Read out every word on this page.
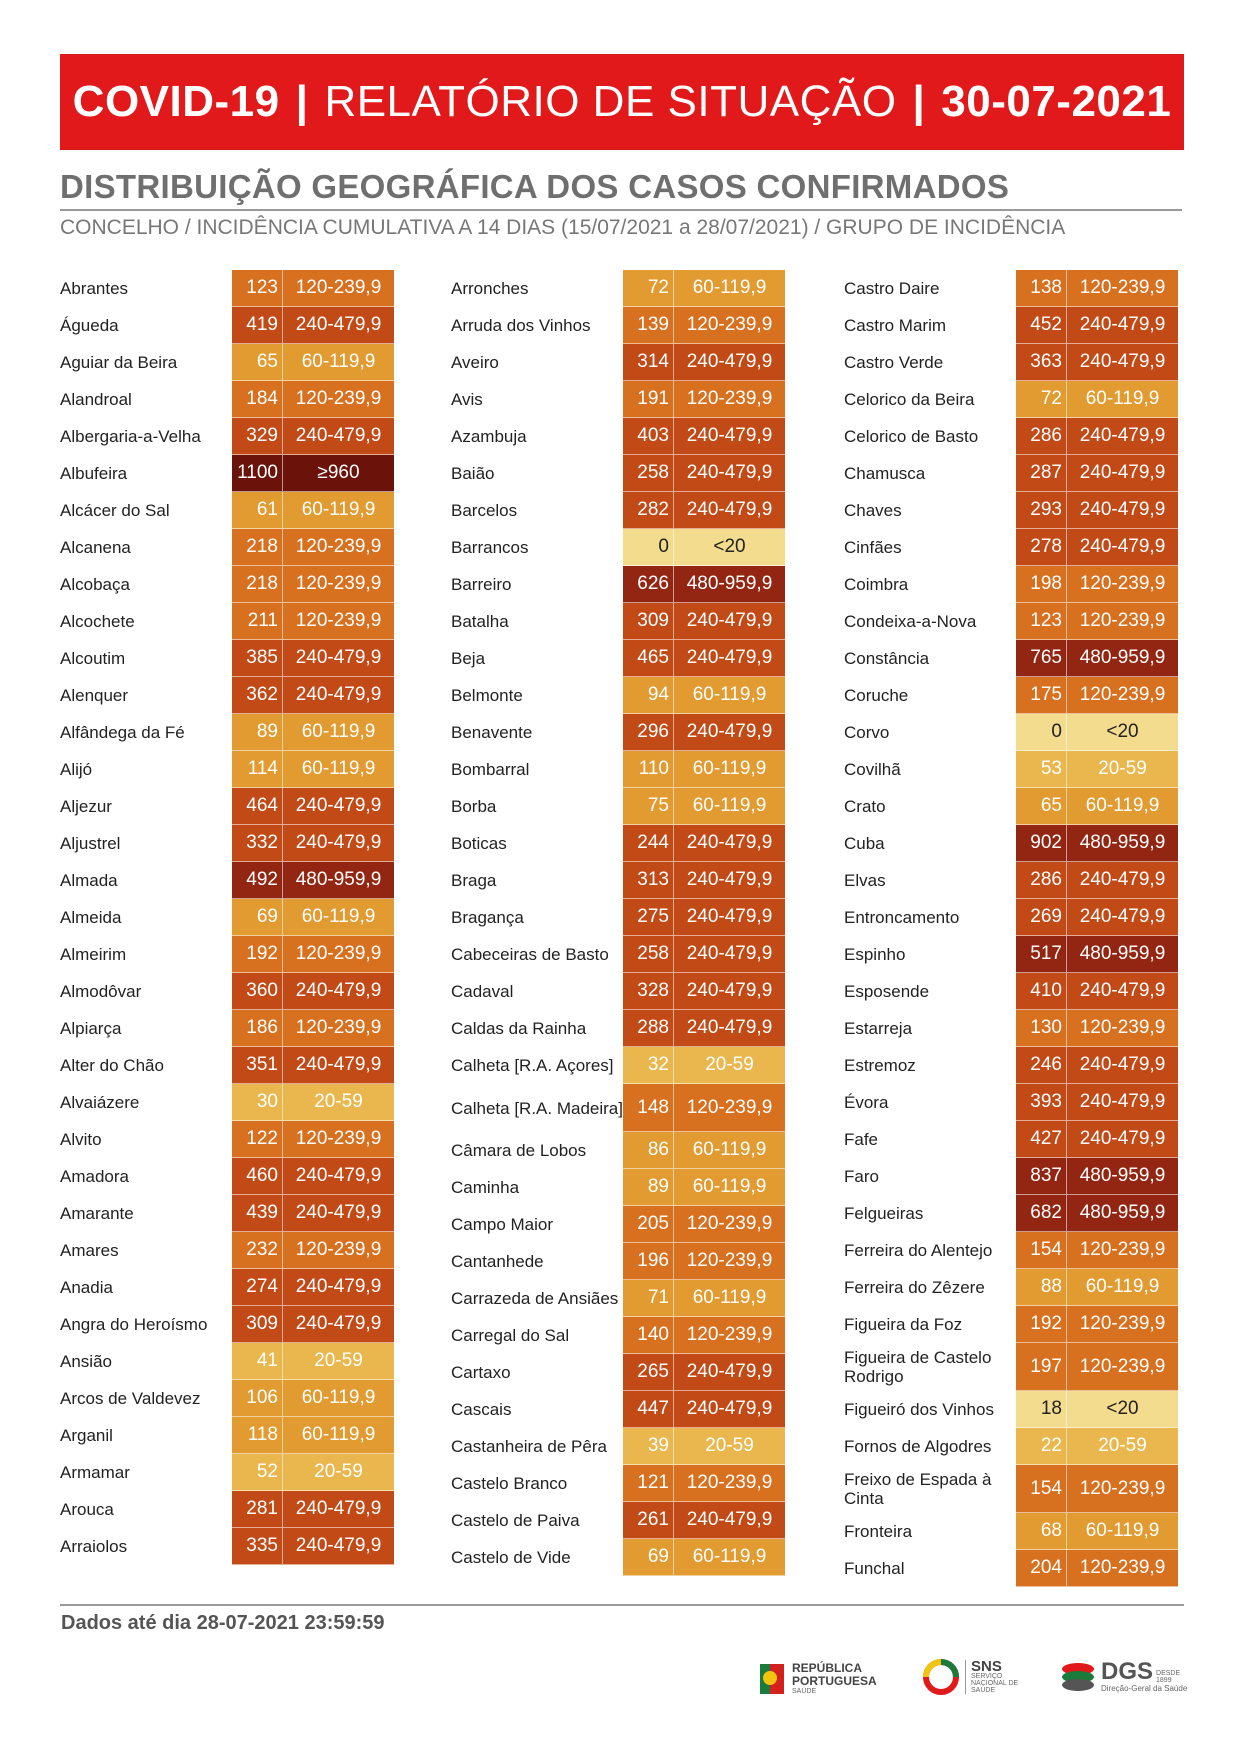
COVID-19 | RELATÓRIO DE SITUAÇÃO | 30-07-2021
DISTRIBUIÇÃO GEOGRÁFICA DOS CASOS CONFIRMADOS
CONCELHO / INCIDÊNCIA CUMULATIVA A 14 DIAS (15/07/2021 a 28/07/2021) / GRUPO DE INCIDÊNCIA
Abrantes	123 120-239,9
Águeda	419 240-479,9
Aguiar da Beira	65	60-119,9
Alandroal	184 120-239,9
Albergaria-a-Velha	329 240-479,9
Albufeira	1100	≥960
Alcácer do Sal	61	60-119,9
Alcanena	218 120-239,9
Alcobaça	218 120-239,9
Alcochete	211 120-239,9
Alcoutim	385 240-479,9
Alenquer	362 240-479,9
Alfândega da Fé	89	60-119,9
Alijó	114	60-119,9
Aljezur	464 240-479,9
Aljustrel	332 240-479,9
Almada	492 480-959,9
Almeida	69	60-119,9
Almeirim	192 120-239,9
Almodôvar	360 240-479,9
Alpiarça	186 120-239,9
Alter do Chão	351 240-479,9
Alvaiázere	30	20-59
Alvito	122 120-239,9
Amadora	460 240-479,9
Amarante	439 240-479,9
Amares	232 120-239,9
Anadia	274 240-479,9
Angra do Heroísmo	309 240-479,9
Ansião	41	20-59
Arcos de Valdevez	106	60-119,9
Arganil	118	60-119,9
Armamar	52	20-59
Arouca	281 240-479,9
Arraiolos	335 240-479,9
Arronches	72	60-119,9
Arruda dos Vinhos	139 120-239,9
Aveiro	314 240-479,9
Avis	191 120-239,9
Azambuja	403 240-479,9
Baião	258 240-479,9
Barcelos	282 240-479,9
Barrancos	0	<20
Barreiro	626 480-959,9
Batalha	309 240-479,9
Beja	465 240-479,9
Belmonte	94	60-119,9
Benavente	296 240-479,9
Bombarral	110	60-119,9
Borba	75	60-119,9
Boticas	244 240-479,9
Braga	313 240-479,9
Bragança	275 240-479,9
Cabeceiras de Basto	258 240-479,9
Cadaval	328 240-479,9
Caldas da Rainha	288 240-479,9
Calheta [R.A. Açores]	32	20-59
Calheta [R.A. Madeira] 148 120-239,9
Câmara de Lobos	86	60-119,9
Caminha	89	60-119,9
Campo Maior	205 120-239,9
Cantanhede	196 120-239,9
Carrazeda de Ansiães	71	60-119,9
Carregal do Sal	140 120-239,9
Cartaxo	265 240-479,9
Cascais	447 240-479,9
Castanheira de Pêra	39	20-59
Castelo Branco	121 120-239,9
Castelo de Paiva	261 240-479,9
Castelo de Vide	69	60-119,9
Castro Daire	138 120-239,9
Castro Marim	452 240-479,9
Castro Verde	363 240-479,9
Celorico da Beira	72	60-119,9
Celorico de Basto	286 240-479,9
Chamusca	287 240-479,9
Chaves	293 240-479,9
Cinfães	278 240-479,9
Coimbra	198 120-239,9
Condeixa-a-Nova	123 120-239,9
Constância	765 480-959,9
Coruche	175 120-239,9
Corvo	0	<20
Covilhã	53	20-59
Crato	65	60-119,9
Cuba	902 480-959,9
Elvas	286 240-479,9
Entroncamento	269 240-479,9
Espinho	517 480-959,9
Esposende	410 240-479,9
Estarreja	130 120-239,9
Estremoz	246 240-479,9
Évora	393 240-479,9
Fafe	427 240-479,9
Faro	837 480-959,9
Felgueiras	682 480-959,9
Ferreira do Alentejo	154 120-239,9
Ferreira do Zêzere	88	60-119,9
Figueira da Foz	192 120-239,9
Figueira de Castelo Rodrigo	197 120-239,9
Figueiró dos Vinhos	18	<20
Fornos de Algodres	22	20-59
Freixo de Espada à Cinta	154 120-239,9
Fronteira	68	60-119,9
Funchal	204 120-239,9
Dados até dia 28-07-2021 23:59:59
REPÚBLICA
PORTUGUESA
SAÚDE
SNS
SERVIÇO NACIONAL DE SAÚDE
DGS DESDE 1899
Direção-Geral da Saúde
